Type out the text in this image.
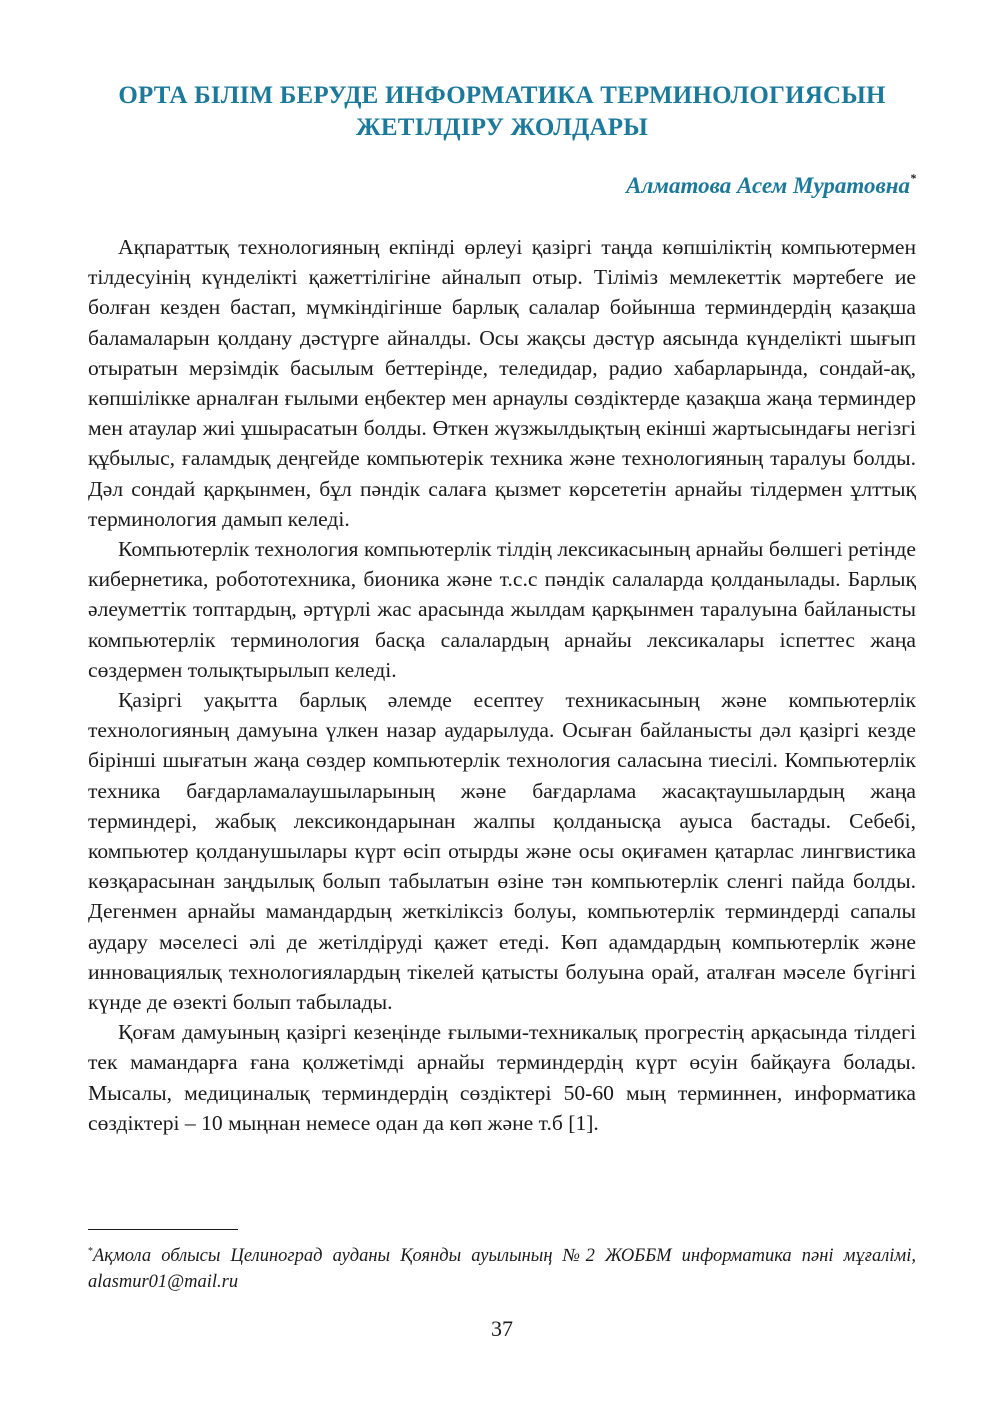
ОРТА БІЛІМ БЕРУДЕ ИНФОРМАТИКА ТЕРМИНОЛОГИЯСЫН
ЖЕТІЛДІРУ ЖОЛДАРЫ
Алматова Асем Муратовна*

Ақпараттық технологияның екпінді өрлеуі қазіргі таңда көпшіліктің компьютермен тілдесуінің күнделікті қажеттілігіне айналып отыр. Тіліміз мемлекеттік мәртебеге ие болған кезден бастап, мүмкіндігінше барлық салалар бойынша терминдердің қазақша баламаларын қолдану дәстүрге айналды. Осы жақсы дәстүр аясында күнделікті шығып отыратын мерзімдік басылым беттерінде, теледидар, радио хабарларында, сондай-ақ, көпшілікке арналған ғылыми еңбектер мен арнаулы сөздіктерде қазақша жаңа терминдер мен атаулар жиі ұшырасатын болды. Өткен жүзжылдықтың екінші жартысындағы негізгі құбылыс, ғаламдық деңгейде компьютерік техника және технологияның таралуы болды. Дәл сондай қарқынмен, бұл пәндік салаға қызмет көрсететін арнайы тілдермен ұлттық терминология дамып келеді.

Компьютерлік технология компьютерлік тілдің лексикасының арнайы бөлшегі ретінде кибернетика, робототехника, бионика және т.с.с пәндік салаларда қолданылады. Барлық әлеуметтік топтардың, әртүрлі жас арасында жылдам қарқынмен таралуына байланысты компьютерлік терминология басқа салалардың арнайы лексикалары іспеттес жаңа сөздермен толықтырылып келеді.

Қазіргі уақытта барлық әлемде есептеу техникасының және компьютерлік технологияның дамуына үлкен назар аударылуда. Осыған байланысты дәл қазіргі кезде бірінші шығатын жаңа сөздер компьютерлік технология саласына тиесілі. Компьютерлік техника бағдарламалаушыларының және бағдарлама жасақтаушылардың жаңа терминдері, жабық лексикондарынан жалпы қолданысқа ауыса бастады. Себебі, компьютер қолданушылары күрт өсіп отырды және осы оқиғамен қатарлас лингвистика көзқарасынан заңдылық болып табылатын өзіне тән компьютерлік сленгі пайда болды. Дегенмен арнайы мамандардың жеткіліксіз болуы, компьютерлік терминдерді сапалы аудару мәселесі әлі де жетілдіруді қажет етеді. Көп адамдардың компьютерлік және инновациялық технологиялардың тікелей қатысты болуына орай, аталған мәселе бүгінгі күнде де өзекті болып табылады.

Қоғам дамуының қазіргі кезеңінде ғылыми-техникалық прогрестің арқасында тілдегі тек мамандарға ғана қолжетімді арнайы терминдердің күрт өсуін байқауға болады. Мысалы, медициналық терминдердің сөздіктері 50-60 мың терминнен, информатика сөздіктері – 10 мыңнан немесе одан да көп және т.б [1].

*Ақмола облысы Целиноград ауданы Қоянды ауылының №2 ЖОББМ информатика пәні мұғалімі, alasmur01@mail.ru
37
